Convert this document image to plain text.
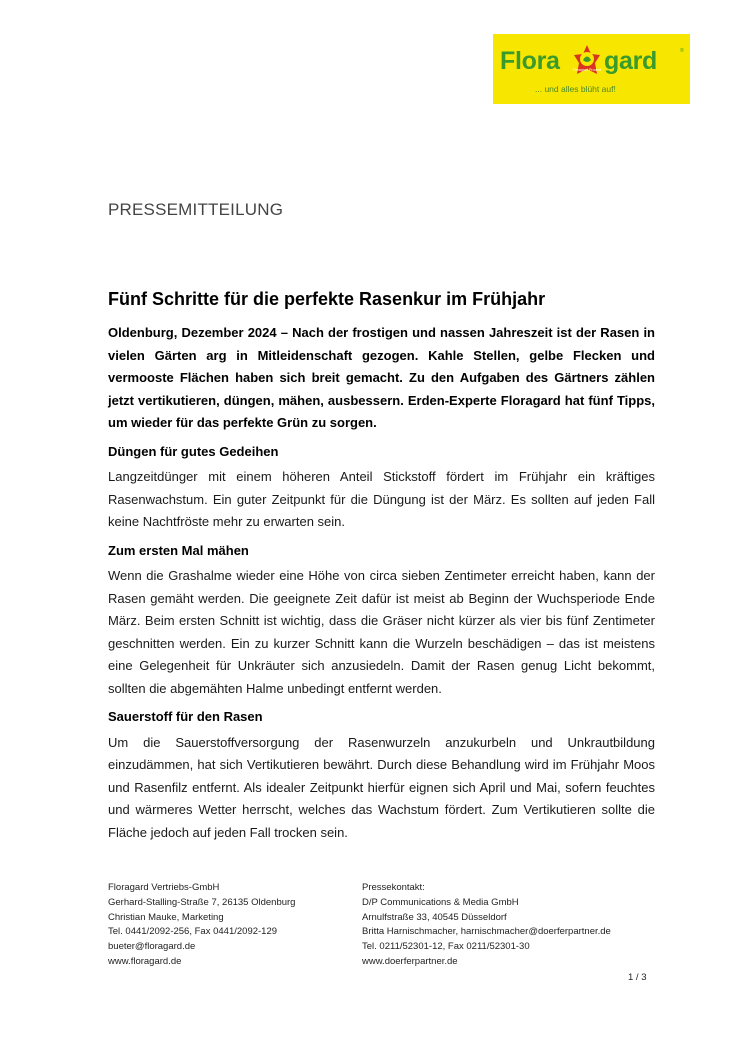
Flora	Floragard Product gard	®
... und alles blüht auf!
PRESSEMITTEILUNG
Fünf Schritte für die perfekte Rasenkur im Frühjahr

Oldenburg, Dezember 2024 – Nach der frostigen und nassen Jahreszeit ist der Rasen in vielen Gärten arg in Mitleidenschaft gezogen. Kahle Stellen, gelbe Flecken und vermooste Flächen haben sich breit gemacht. Zu den Aufgaben des Gärtners zählen jetzt vertikutieren, düngen, mähen, ausbessern. Erden-Experte Floragard hat fünf Tipps, um wieder für das perfekte Grün zu sorgen.

Düngen für gutes Gedeihen

Langzeitdünger mit einem höheren Anteil Stickstoff fördert im Frühjahr ein kräftiges Rasenwachstum. Ein guter Zeitpunkt für die Düngung ist der März. Es sollten auf jeden Fall keine Nachtfröste mehr zu erwarten sein.

Zum ersten Mal mähen

Wenn die Grashalme wieder eine Höhe von circa sieben Zentimeter erreicht haben, kann der Rasen gemäht werden. Die geeignete Zeit dafür ist meist ab Beginn der Wuchsperiode Ende März. Beim ersten Schnitt ist wichtig, dass die Gräser nicht kürzer als vier bis fünf Zentimeter geschnitten werden. Ein zu kurzer Schnitt kann die Wurzeln beschädigen – das ist meistens eine Gelegenheit für Unkräuter sich anzusiedeln. Damit der Rasen genug Licht bekommt, sollten die abgemähten Halme unbedingt entfernt werden.

Sauerstoff für den Rasen

Um die Sauerstoffversorgung der Rasenwurzeln anzukurbeln und Unkrautbildung einzudämmen, hat sich Vertikutieren bewährt. Durch diese Behandlung wird im Frühjahr Moos und Rasenfilz entfernt. Als idealer Zeitpunkt hierfür eignen sich April und Mai, sofern feuchtes und wärmeres Wetter herrscht, welches das Wachstum fördert. Zum Vertikutieren sollte die Fläche jedoch auf jeden Fall trocken sein.

Floragard Vertriebs-GmbH
Gerhard-Stalling-Straße 7, 26135 Oldenburg
Christian Mauke, Marketing
Tel. 0441/2092-256, Fax 0441/2092-129
bueter@floragard.de
www.floragard.de
Pressekontakt:
D/P Communications & Media GmbH
Arnulfstraße 33, 40545 Düsseldorf
Britta Harnischmacher, harnischmacher@doerferpartner.de
Tel. 0211/52301-12, Fax 0211/52301-30
www.doerferpartner.de
1 / 3
